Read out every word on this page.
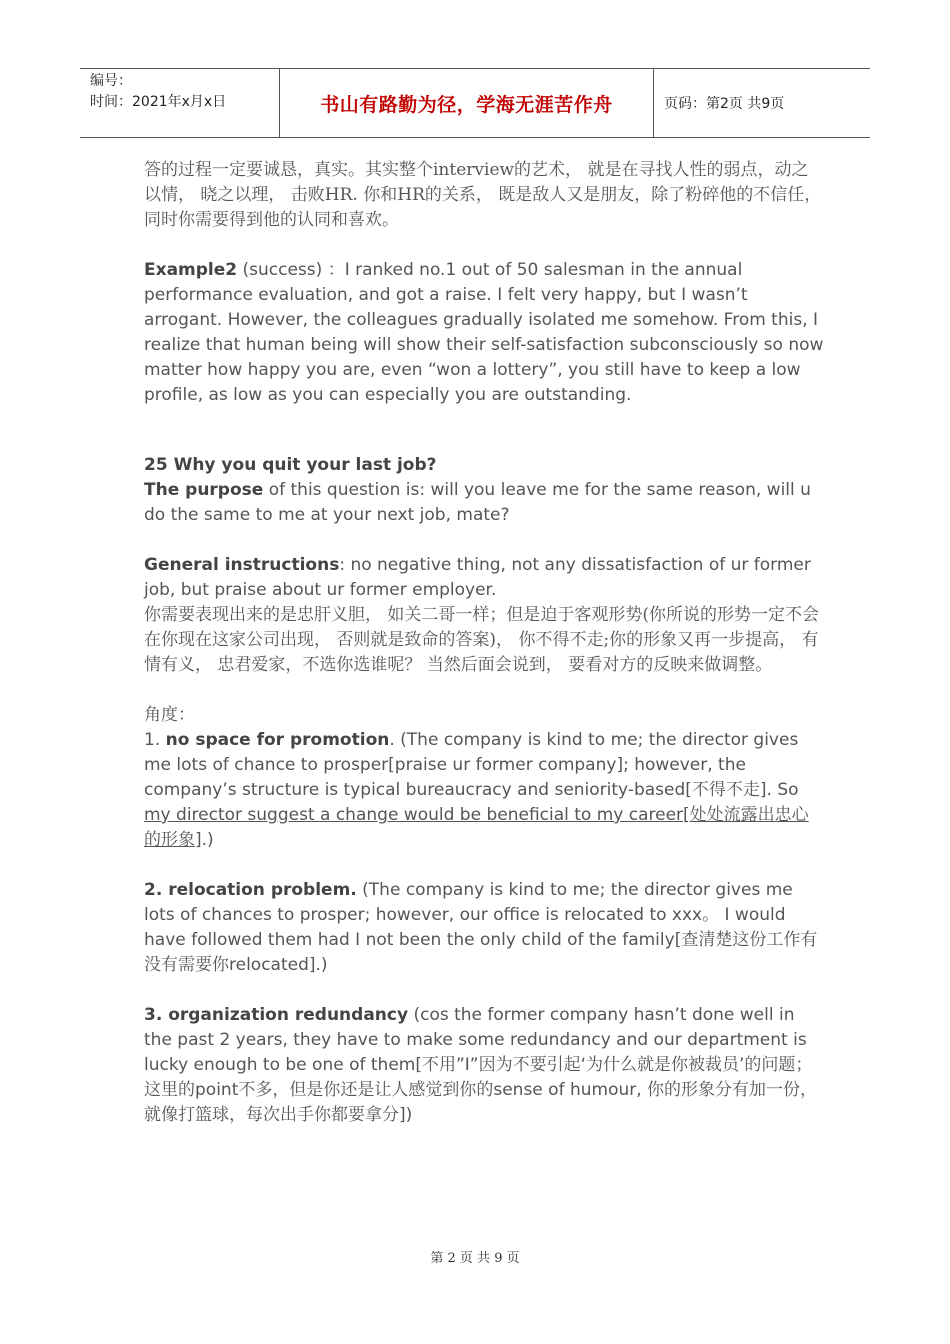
编号：
时间：2021年x月x日	书山有路勤为径，学海无涯苦作舟	页码：第2页 共9页

答的过程一定要诚恳，真实。其实整个interview的艺术， 就是在寻找人性的弱点，动之以情， 晓之以理， 击败HR. 你和HR的关系， 既是敌人又是朋友，除了粉碎他的不信任，同时你需要得到他的认同和喜欢。

Example2 (success) ：I ranked no.1 out of 50 salesman in the annual performance evaluation, and got a raise. I felt very happy, but I wasn’t arrogant. However, the colleagues gradually isolated me somehow. From this, I realize that human being will show their self-satisfaction subconsciously so now matter how happy you are, even “won a lottery”, you still have to keep a low profile, as low as you can especially you are outstanding.

25 Why you quit your last job?

The purpose of this question is: will you leave me for the same reason, will u do the same to me at your next job, mate?

General instructions: no negative thing, not any dissatisfaction of ur former job, but praise about ur former employer.

你需要表现出来的是忠肝义胆， 如关二哥一样；但是迫于客观形势(你所说的形势一定不会在你现在这家公司出现， 否则就是致命的答案)， 你不得不走;你的形象又再一步提高， 有情有义， 忠君爱家，不选你选谁呢？ 当然后面会说到， 要看对方的反映来做调整。

角度：

1. no space for promotion. (The company is kind to me; the director gives me lots of chance to prosper[praise ur former company]; however, the company’s structure is typical bureaucracy and seniority-based[不得不走]. So my director suggest a change would be beneficial to my career[处处流露出忠心的形象].)

2. relocation problem. (The company is kind to me; the director gives me lots of chances to prosper; however, our office is relocated to xxx。 I would have followed them had I not been the only child of the family[查清楚这份工作有没有需要你relocated].)

3. organization redundancy (cos the former company hasn’t done well in the past 2 years, they have to make some redundancy and our department is lucky enough to be one of them[不用”I”因为不要引起‘为什么就是你被裁员’的问题；这里的point不多，但是你还是让人感觉到你的sense of humour, 你的形象分有加一份， 就像打篮球，每次出手你都要拿分])

第 2 页 共 9 页
